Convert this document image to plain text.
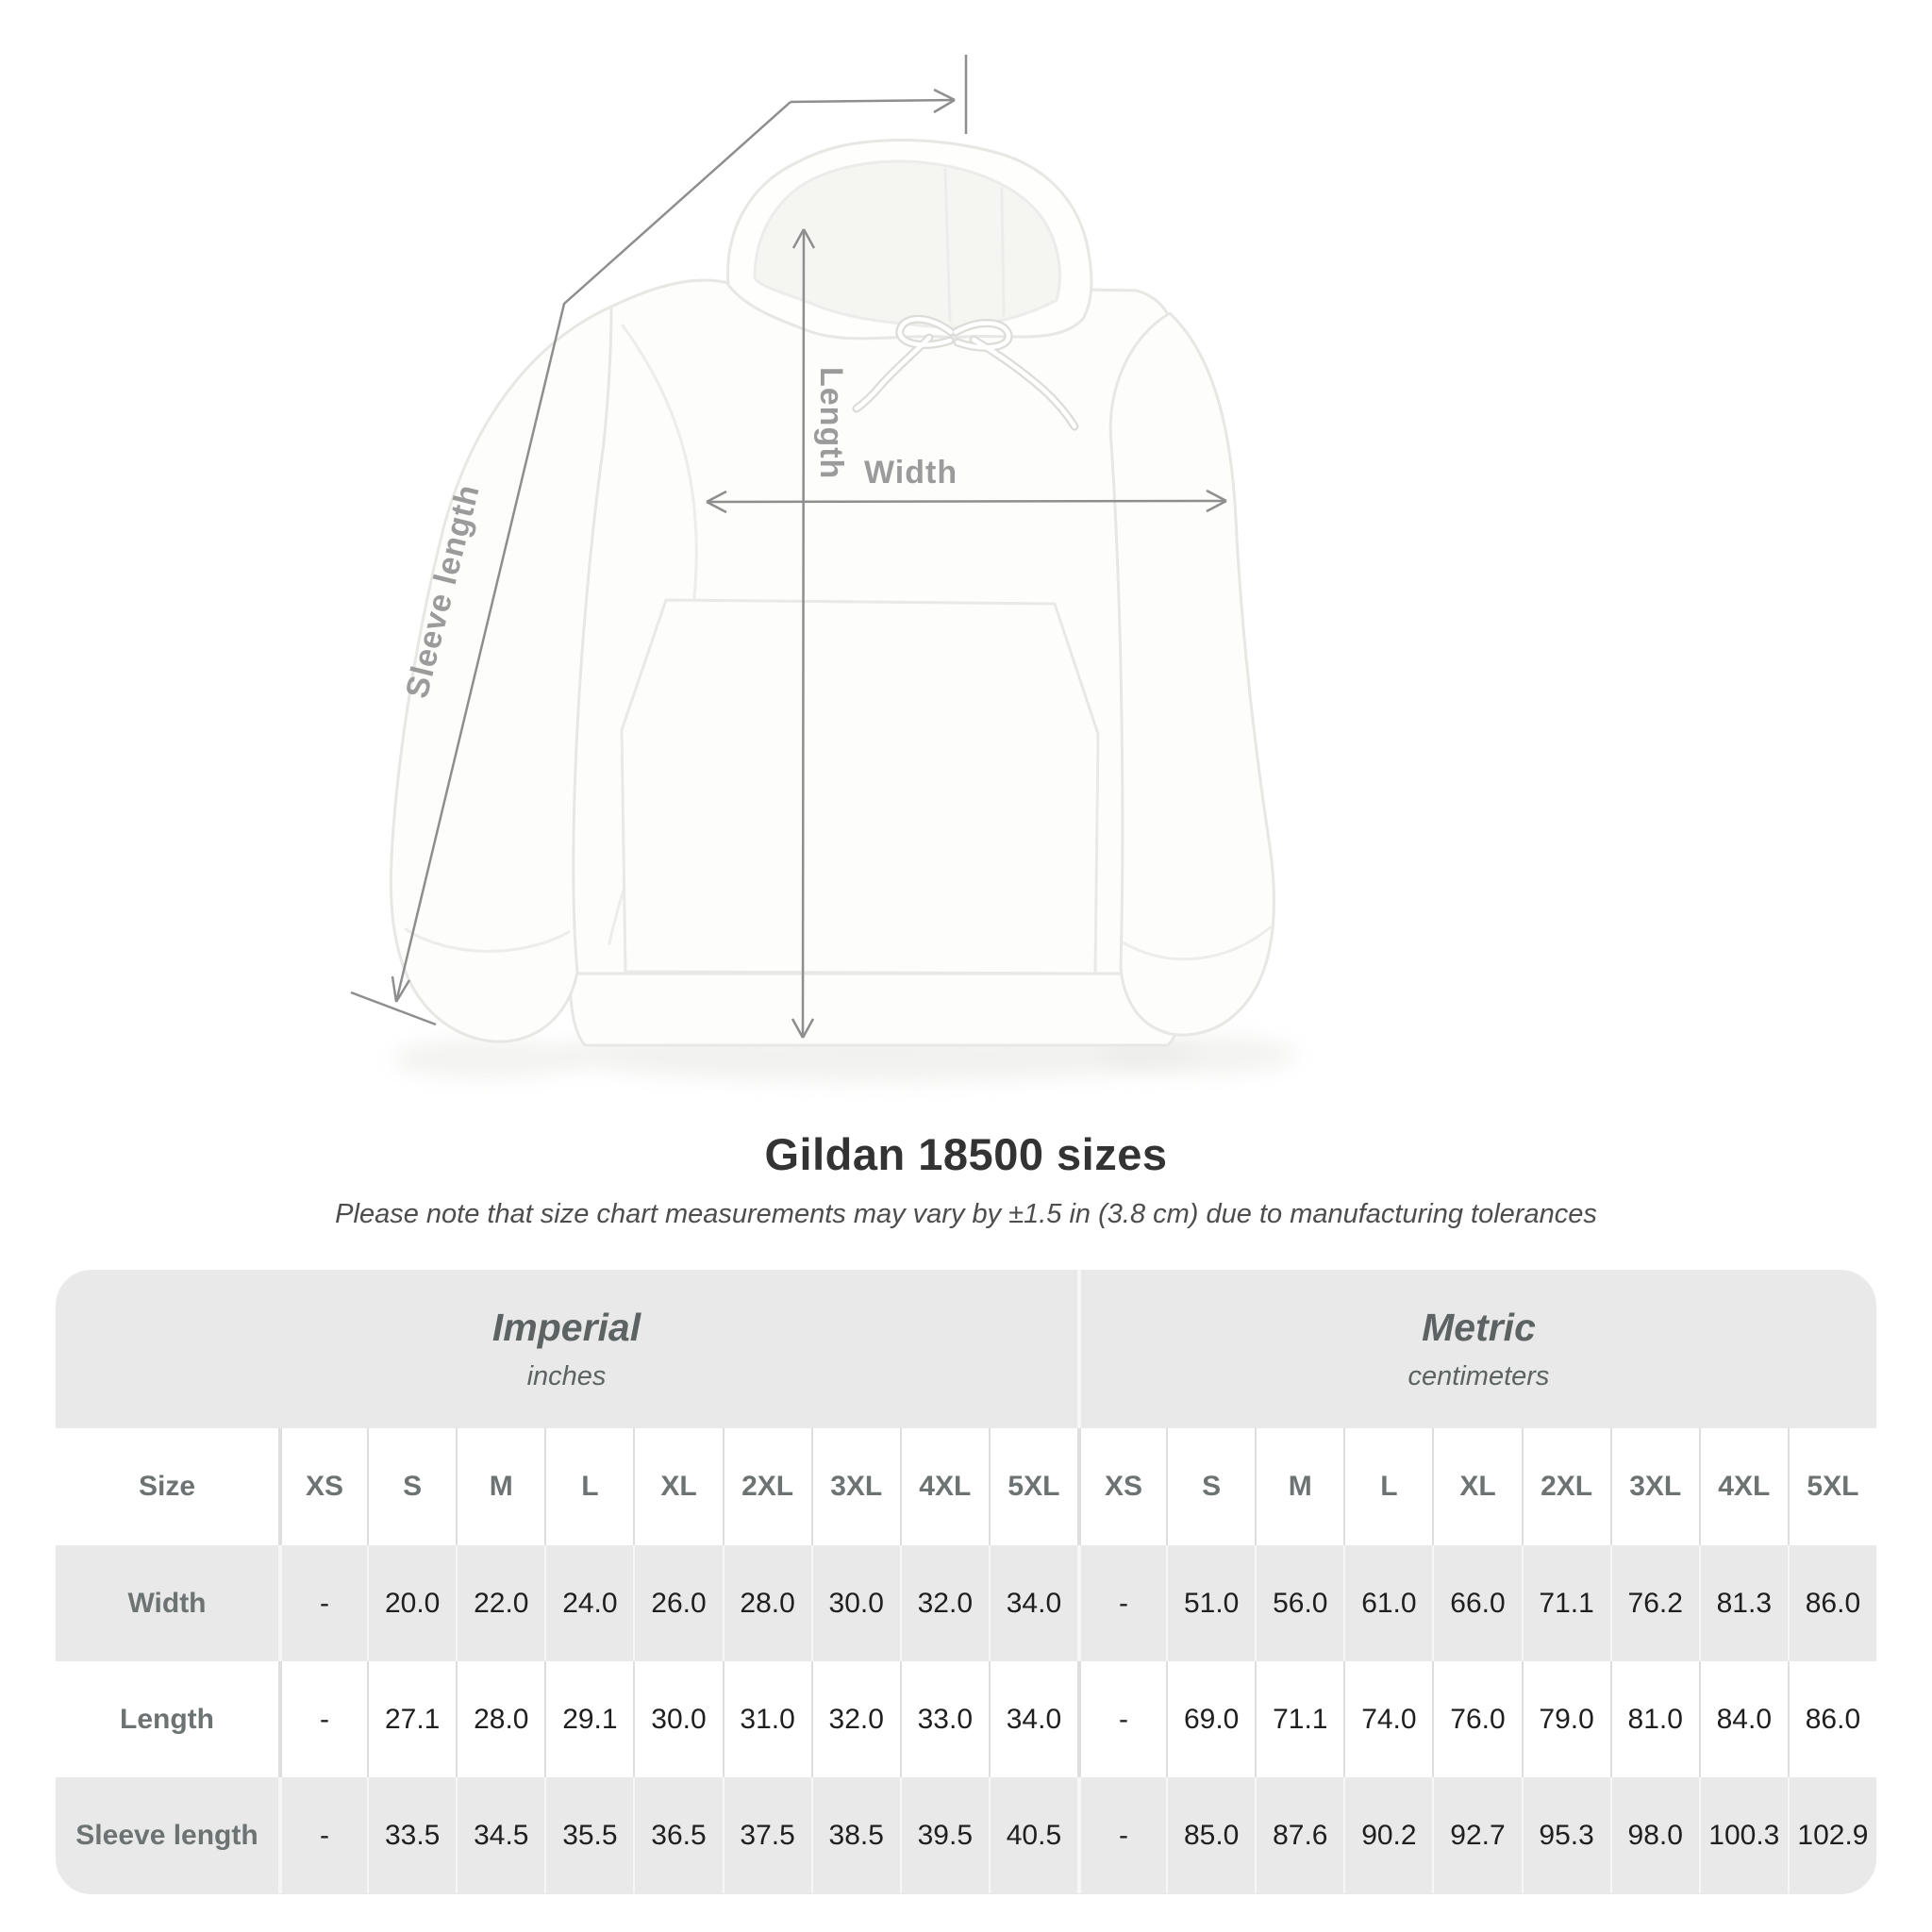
Length Width
Sleeve length
Gildan 18500 sizes
Please note that size chart measurements may vary by ±1.5 in (3.8 cm) due to manufacturing tolerances
Imperial
inches
Metric
centimeters
Size	XS	S	M	L	XL	2XL	3XL	4XL	5XL	XS	S	M	L	XL	2XL	3XL	4XL	5XL
Width	-	20.0	22.0	24.0	26.0	28.0	30.0	32.0	34.0	-	51.0	56.0	61.0	66.0	71.1	76.2	81.3	86.0
Length	-	27.1	28.0	29.1	30.0	31.0	32.0	33.0	34.0	-	69.0	71.1	74.0	76.0	79.0	81.0	84.0	86.0
Sleeve length	-	33.5	34.5	35.5	36.5	37.5	38.5	39.5	40.5	-	85.0	87.6	90.2	92.7	95.3	98.0 100.3 102.9
